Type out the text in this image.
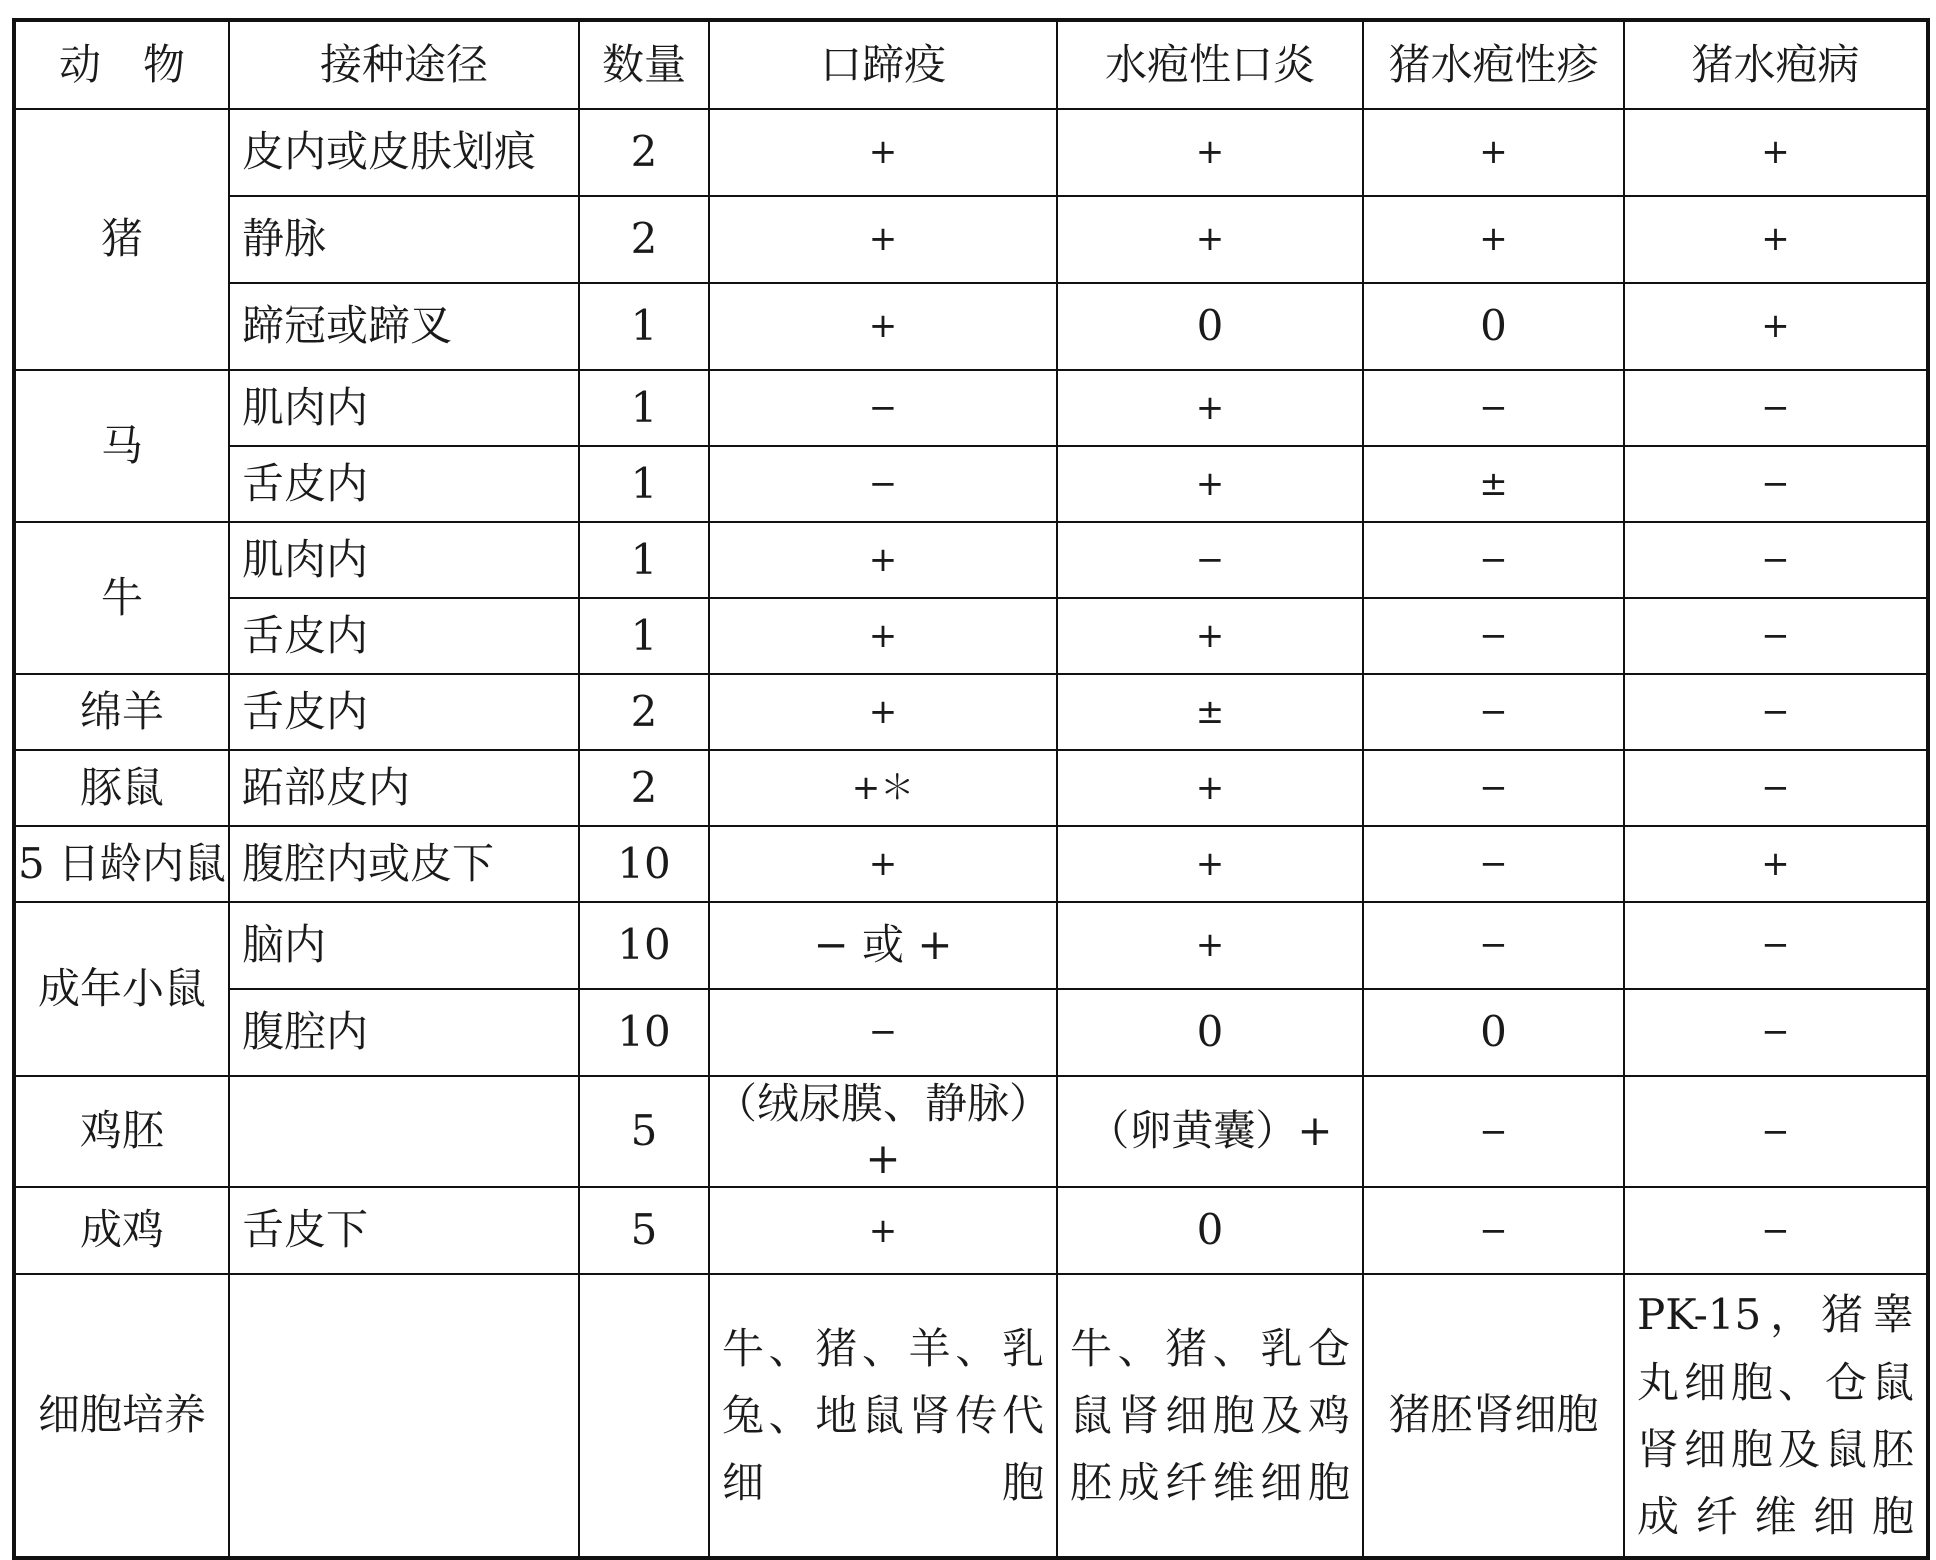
动　物	接种途径	数量	口蹄疫	水疱性口炎	猪水疱性疹	猪水疱病
猪	皮内或皮肤划痕	2	+	+	+	+
	静脉	2	+	+	+	+
	蹄冠或蹄叉	1	+	0	0	+
马	肌肉内	1	−	+	−	−
	舌皮内	1	−	+	±	−
牛	肌肉内	1	+	−	−	−
	舌皮内	1	+	+	−	−
绵羊	舌皮内	2	+	±	−	−
豚鼠	跖部皮内	2	+＊	+	−	−
5 日龄内鼠	腹腔内或皮下	10	+	+	−	+
成年小鼠	脑内	10	− 或 +	+	−	−
	腹腔内	10	−	0	0	−
鸡胚		5	（绒尿膜、静脉）+	（卵黄囊）+	−	−
成鸡	舌皮下	5	+	0	−	−
细胞培养			牛、猪、羊、乳兔、地鼠肾传代细胞	牛、猪、乳仓鼠肾细胞及鸡胚成纤维细胞	猪胚肾细胞	PK-15，猪睾丸细胞、仓鼠肾细胞及鼠胚成纤维细胞
